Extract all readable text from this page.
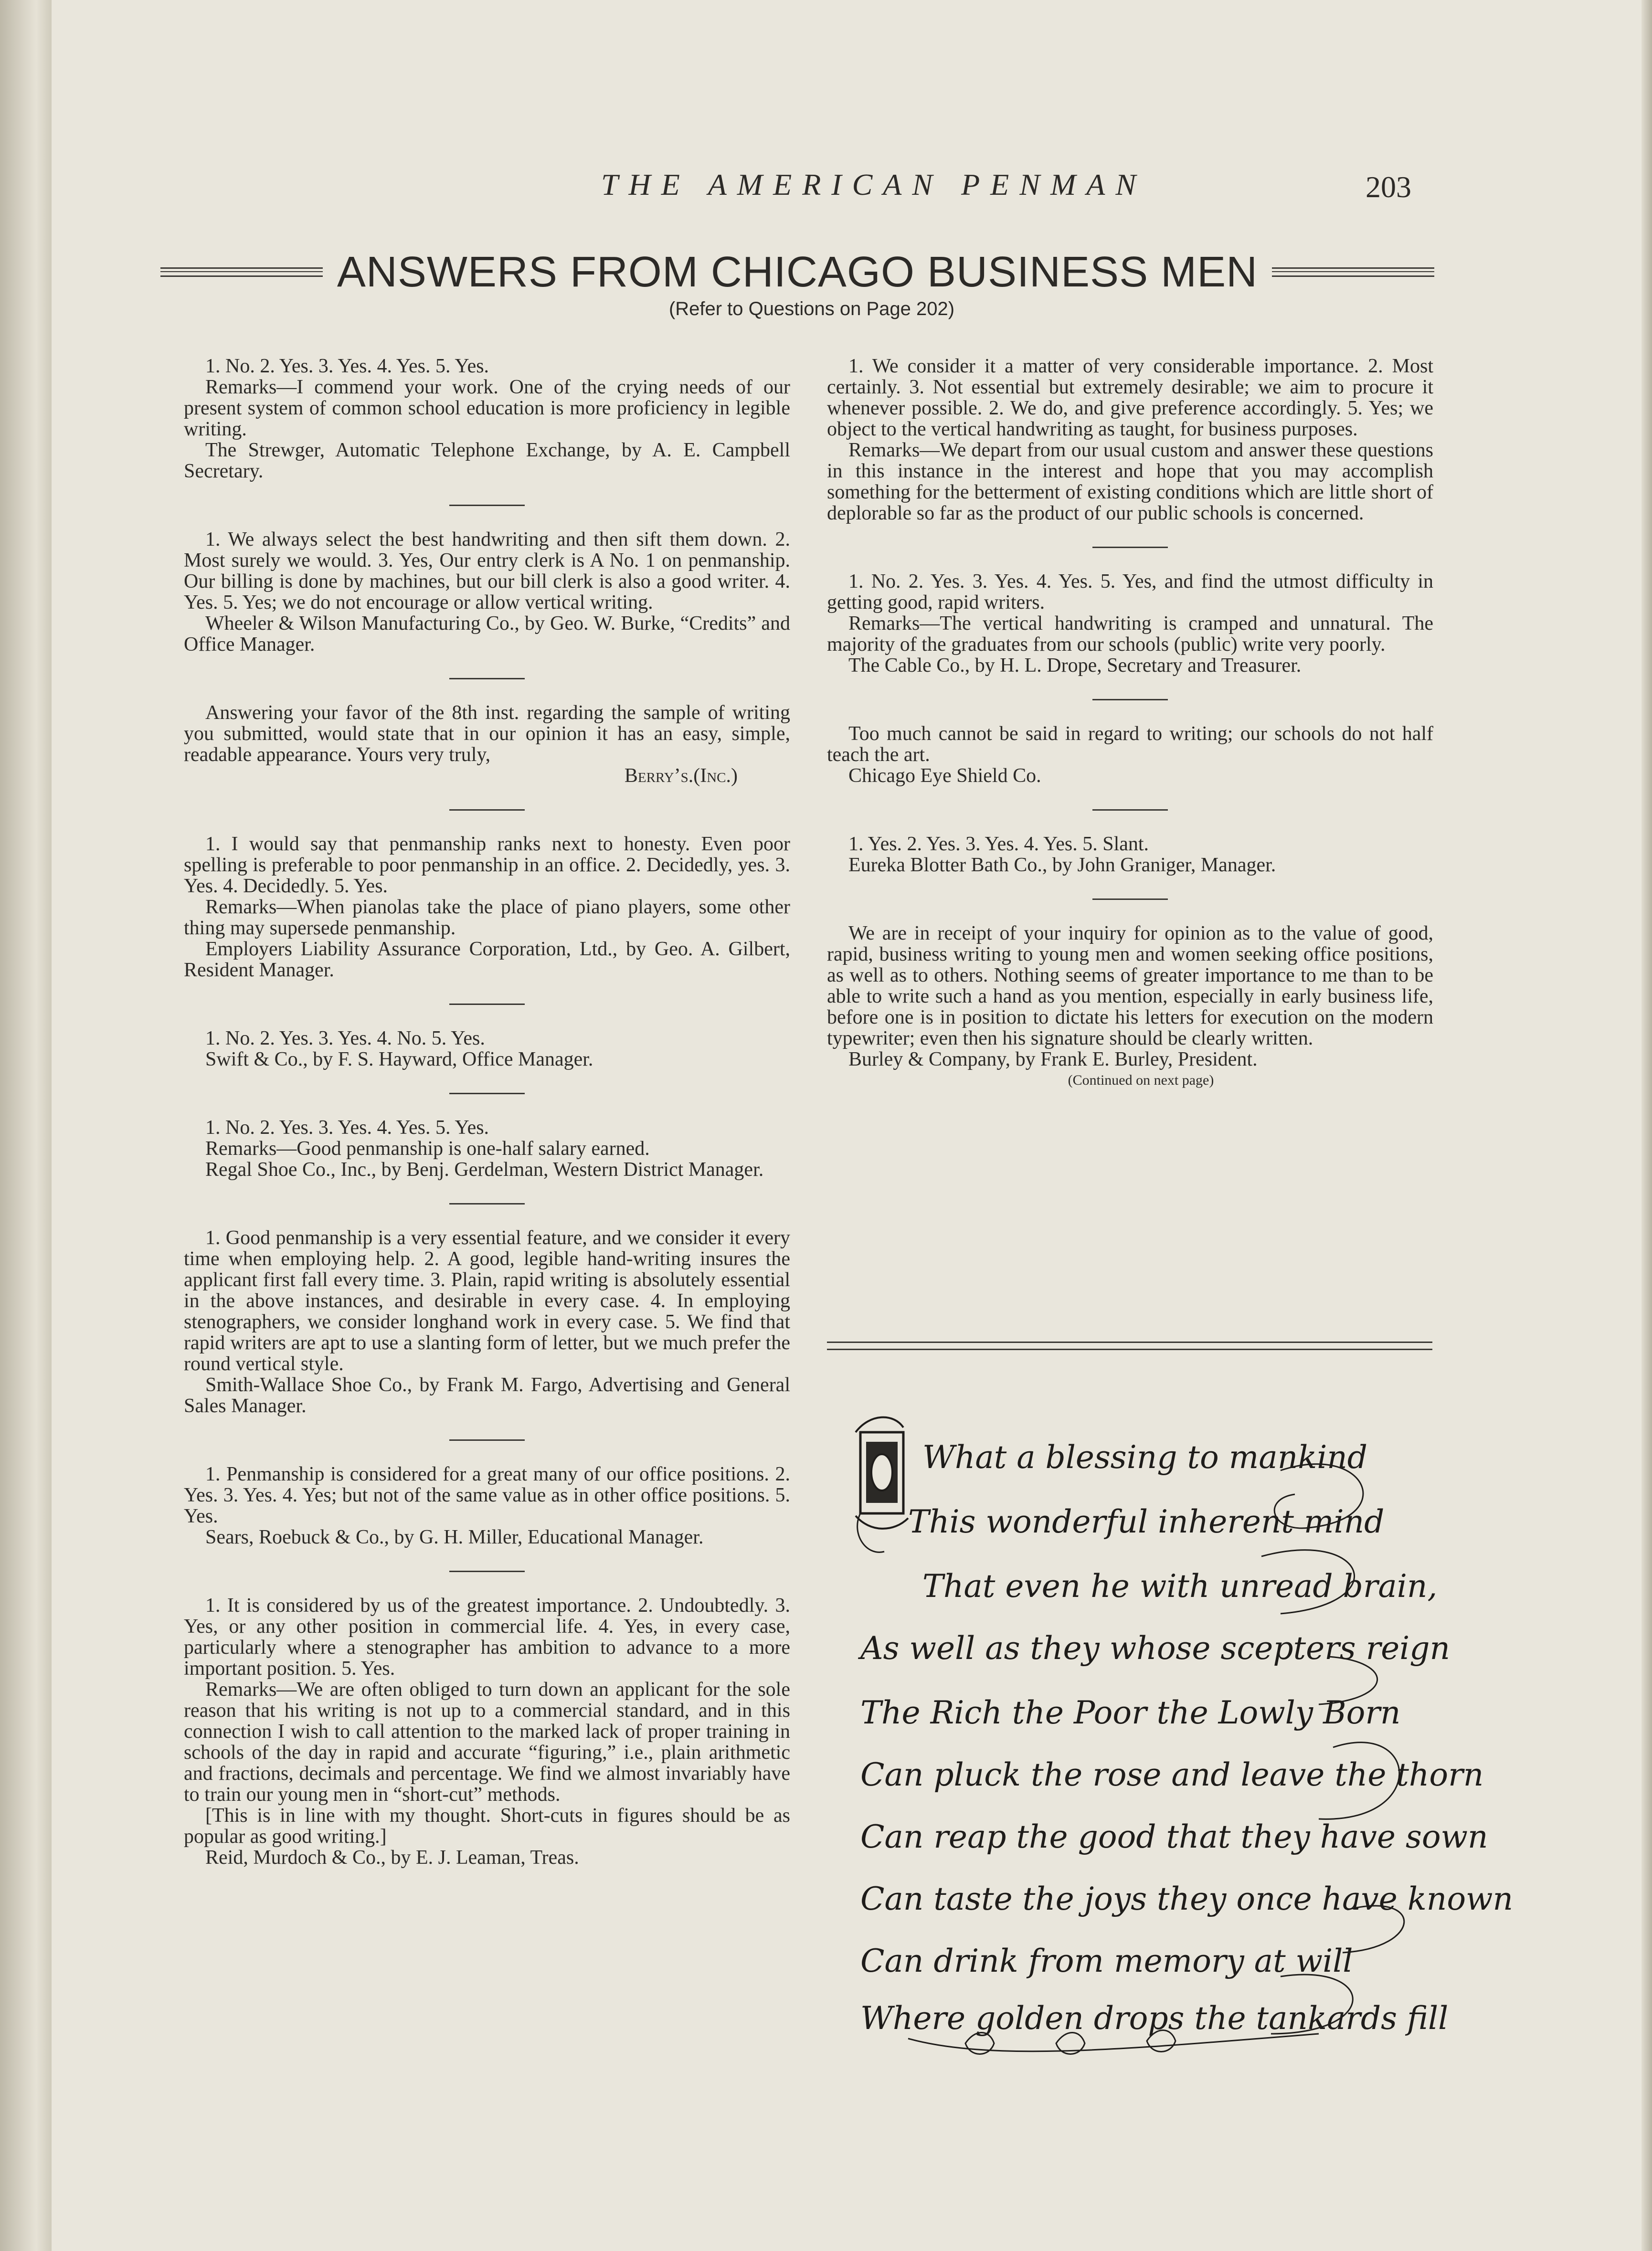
THE AMERICAN PENMAN	203
ANSWERS FROM CHICAGO BUSINESS MEN
(Refer to Questions on Page 202)

1. No. 2. Yes. 3. Yes. 4. Yes. 5. Yes.

Remarks—I commend your work. One of the crying needs of our present system of common school education is more proficiency in legible writing.

The Strewger, Automatic Telephone Exchange, by A. E. Campbell Secretary.

1. We always select the best handwriting and then sift them down. 2. Most surely we would. 3. Yes, Our entry clerk is A No. 1 on penmanship. Our billing is done by machines, but our bill clerk is also a good writer. 4. Yes. 5. Yes; we do not encourage or allow vertical writing.

Wheeler & Wilson Manufacturing Co., by Geo. W. Burke, “Credits” and Office Manager.

Answering your favor of the 8th inst. regarding the sample of writing you submitted, would state that in our opinion it has an easy, simple, readable appearance. Yours very truly,

Berry’s.(Inc.)

1. I would say that penmanship ranks next to honesty. Even poor spelling is preferable to poor penmanship in an office. 2. Decidedly, yes. 3. Yes. 4. Decidedly. 5. Yes.

Remarks—When pianolas take the place of piano players, some other thing may supersede penmanship.

Employers Liability Assurance Corporation, Ltd., by Geo. A. Gilbert, Resident Manager.

1. No. 2. Yes. 3. Yes. 4. No. 5. Yes.

Swift & Co., by F. S. Hayward, Office Manager.

1. No. 2. Yes. 3. Yes. 4. Yes. 5. Yes.

Remarks—Good penmanship is one-half salary earned.

Regal Shoe Co., Inc., by Benj. Gerdelman, Western District Manager.

1. Good penmanship is a very essential feature, and we consider it every time when employing help. 2. A good, legible hand-writing insures the applicant first fall every time. 3. Plain, rapid writing is absolutely essential in the above instances, and desirable in every case. 4. In employing stenographers, we consider longhand work in every case. 5. We find that rapid writers are apt to use a slanting form of letter, but we much prefer the round vertical style.

Smith-Wallace Shoe Co., by Frank M. Fargo, Advertising and General Sales Manager.

1. Penmanship is considered for a great many of our office positions. 2. Yes. 3. Yes. 4. Yes; but not of the same value as in other office positions. 5. Yes.

Sears, Roebuck & Co., by G. H. Miller, Educational Manager.

1. It is considered by us of the greatest importance. 2. Undoubtedly. 3. Yes, or any other position in commercial life. 4. Yes, in every case, particularly where a stenographer has ambition to advance to a more important position. 5. Yes.

Remarks—We are often obliged to turn down an applicant for the sole reason that his writing is not up to a commercial standard, and in this connection I wish to call attention to the marked lack of proper training in schools of the day in rapid and accurate “figuring,” i.e., plain arithmetic and fractions, decimals and percentage. We find we almost invariably have to train our young men in “short-cut” methods.

[This is in line with my thought. Short-cuts in figures should be as popular as good writing.]

Reid, Murdoch & Co., by E. J. Leaman, Treas.

1. We consider it a matter of very considerable importance. 2. Most certainly. 3. Not essential but extremely desirable; we aim to procure it whenever possible. 2. We do, and give preference accordingly. 5. Yes; we object to the vertical handwriting as taught, for business purposes.

Remarks—We depart from our usual custom and answer these questions in this instance in the interest and hope that you may accomplish something for the betterment of existing conditions which are little short of deplorable so far as the product of our public schools is concerned.

1. No. 2. Yes. 3. Yes. 4. Yes. 5. Yes, and find the utmost difficulty in getting good, rapid writers.

Remarks—The vertical handwriting is cramped and unnatural. The majority of the graduates from our schools (public) write very poorly.

The Cable Co., by H. L. Drope, Secretary and Treasurer.

Too much cannot be said in regard to writing; our schools do not half teach the art.

Chicago Eye Shield Co.

1. Yes. 2. Yes. 3. Yes. 4. Yes. 5. Slant.

Eureka Blotter Bath Co., by John Graniger, Manager.

We are in receipt of your inquiry for opinion as to the value of good, rapid, business writing to young men and women seeking office positions, as well as to others. Nothing seems of greater importance to me than to be able to write such a hand as you mention, especially in early business life, before one is in position to dictate his letters for execution on the modern typewriter; even then his signature should be clearly written.

Burley & Company, by Frank E. Burley, President.

(Continued on next page)

What a blessing to mankind
This wonderful inherent mind
That even he with unread brain,
As well as they whose scepters reign
The Rich the Poor the Lowly Born
Can pluck the rose and leave the thorn
Can reap the good that they have sown
Can taste the joys they once have known
Can drink from memory at will
Where golden drops the tankards fill
